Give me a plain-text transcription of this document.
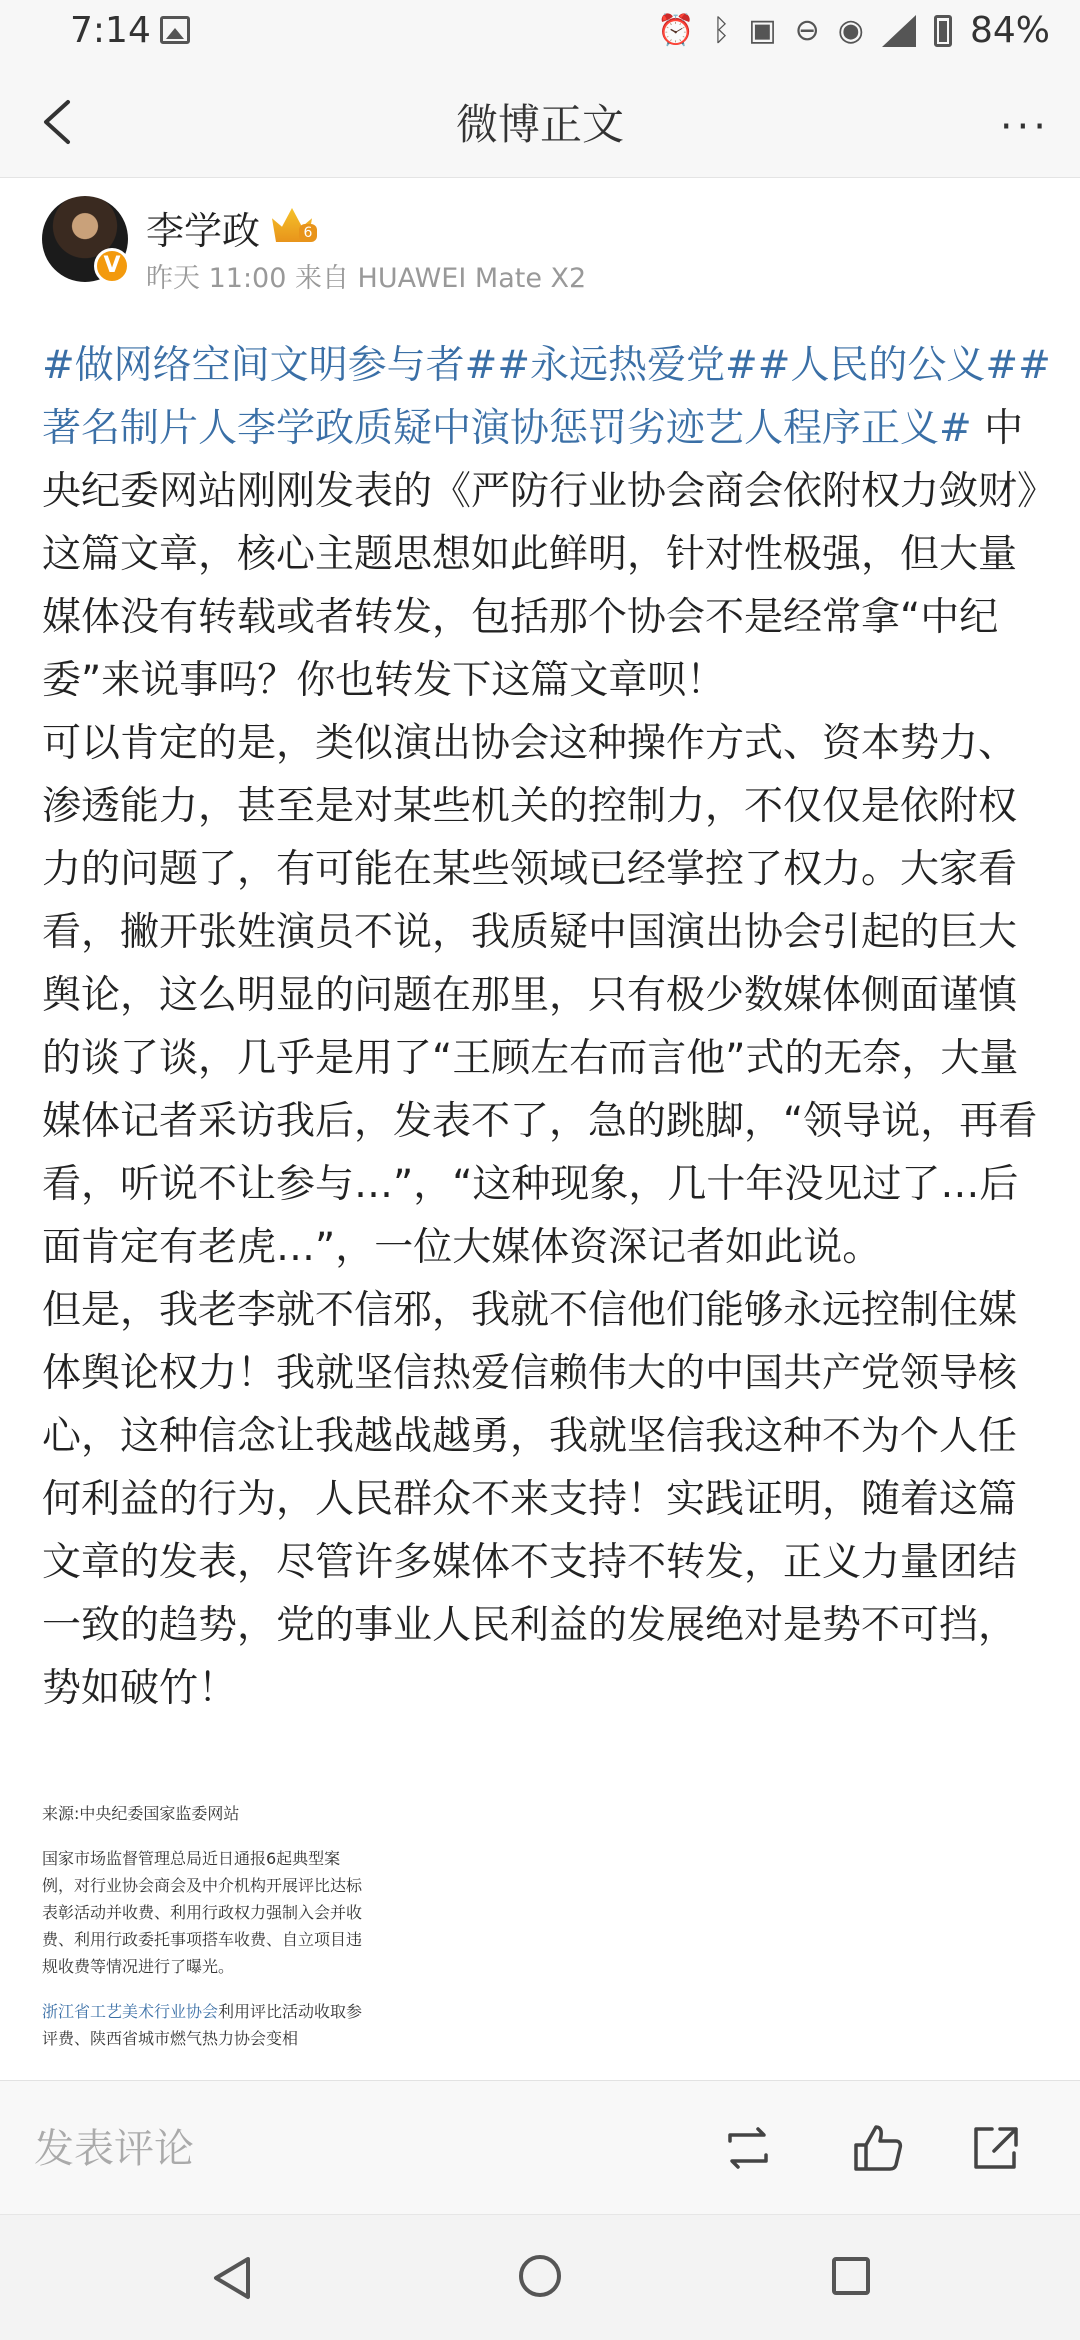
7:14	⏰ ᛒ ▣ ⊖ ◉	84%
微博正文	···
V
李学政	6
昨天 11:00 来自 HUAWEI Mate X2
#做网络空间文明参与者##永远热爱党##人民的公义##著名制片人李学政质疑中演协惩罚劣迹艺人程序正义# 中央纪委网站刚刚发表的《严防行业协会商会依附权力敛财》这篇文章，核心主题思想如此鲜明，针对性极强，但大量媒体没有转载或者转发，包括那个协会不是经常拿“中纪委”来说事吗？你也转发下这篇文章呗！
可以肯定的是，类似演出协会这种操作方式、资本势力、渗透能力，甚至是对某些机关的控制力，不仅仅是依附权力的问题了，有可能在某些领域已经掌控了权力。大家看看，撇开张姓演员不说，我质疑中国演出协会引起的巨大舆论，这么明显的问题在那里，只有极少数媒体侧面谨慎的谈了谈，几乎是用了“王顾左右而言他”式的无奈，大量媒体记者采访我后，发表不了，急的跳脚，“领导说，再看看，听说不让参与…”，“这种现象，几十年没见过了…后面肯定有老虎…”，一位大媒体资深记者如此说。
但是，我老李就不信邪，我就不信他们能够永远控制住媒体舆论权力！我就坚信热爱信赖伟大的中国共产党领导核心，这种信念让我越战越勇，我就坚信我这种不为个人任何利益的行为，人民群众不来支持！实践证明，随着这篇文章的发表，尽管许多媒体不支持不转发，正义力量团结一致的趋势，党的事业人民利益的发展绝对是势不可挡，势如破竹！
来源:中央纪委国家监委网站
国家市场监督管理总局近日通报6起典型案例，对行业协会商会及中介机构开展评比达标表彰活动并收费、利用行政权力强制入会并收费、利用行政委托事项搭车收费、自立项目违规收费等情况进行了曝光。
浙江省工艺美术行业协会利用评比活动收取参评费、陕西省城市燃气热力协会变相
发表评论
